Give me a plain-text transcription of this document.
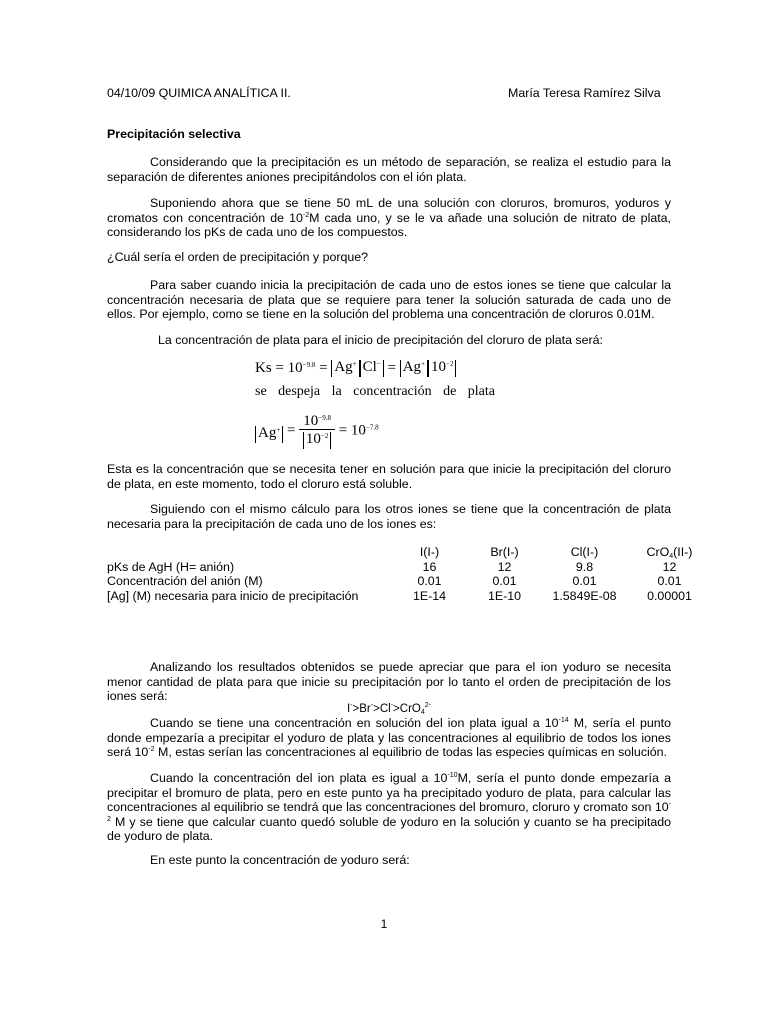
04/10/09 QUIMICA ANALÍTICA II.	María Teresa Ramírez Silva
Precipitación selectiva

Considerando que la precipitación es un método de separación, se realiza el estudio para la separación de diferentes aniones precipitándolos con el ión plata.

Suponiendo ahora que se tiene 50 mL de una solución con cloruros, bromuros, yoduros y cromatos con concentración de $10^{-2}M$ cada uno, y se le va añade una solución de nitrato de plata, considerando los pKs de cada uno de los compuestos.

¿Cuál sería el orden de precipitación y porque?

Para saber cuando inicia la precipitación de cada uno de estos iones se tiene que calcular la concentración necesaria de plata que se requiere para tener la solución saturada de cada uno de ellos. Por ejemplo, como se tiene en la solución del problema una concentración de cloruros 0.01M.

La concentración de plata para el inicio de precipitación del cloruro de plata será:

$Ks = 10^{-9.8} = Ag^+$ Cl− = Ag+ $10^{-2}$
se despeja la concentración de plata
$Ag^+ = \frac{10^{-9.8}}{10^{-2}} = 10^{-7.8}$

Esta es la concentración que se necesita tener en solución para que inicie la precipitación del cloruro de plata, en este momento, todo el cloruro está soluble.

Siguiendo con el mismo cálculo para los otros iones se tiene que la concentración de plata necesaria para la precipitación de cada uno de los iones es:

	I(I-)	Br(I-)	Cl(I-)	CrO$_4$(II-)
pKs de AgH (H= anión)	16	12	9.8	12
Concentración del anión (M)	0.01	0.01	0.01	0.01
[Ag] (M) necesaria para inicio de precipitación	1E-14	1E-10	1.5849E-08	0.00001

Analizando los resultados obtenidos se puede apreciar que para el ion yoduro se necesita menor cantidad de plata para que inicie su precipitación por lo tanto el orden de precipitación de los iones será:

I->Br->Cl->CrO$_4^{2-}$

Cuando se tiene una concentración en solución del ion plata igual a $10^{-14}$ M, sería el punto donde empezaría a precipitar el yoduro de plata y las concentraciones al equilibrio de todos los iones será $10^{-2}$ M, estas serían las concentraciones al equilibrio de todas las especies químicas en solución.

Cuando la concentración del ion plata es igual a $10^{-10}M$, sería el punto donde empezaría a precipitar el bromuro de plata, pero en este punto ya ha precipitado yoduro de plata, para calcular las concentraciones al equilibrio se tendrá que las concentraciones del bromuro, cloruro y cromato son $10^{-2}$ M y se tiene que calcular cuanto quedó soluble de yoduro en la solución y cuanto se ha precipitado de yoduro de plata.

En este punto la concentración de yoduro será:

1
